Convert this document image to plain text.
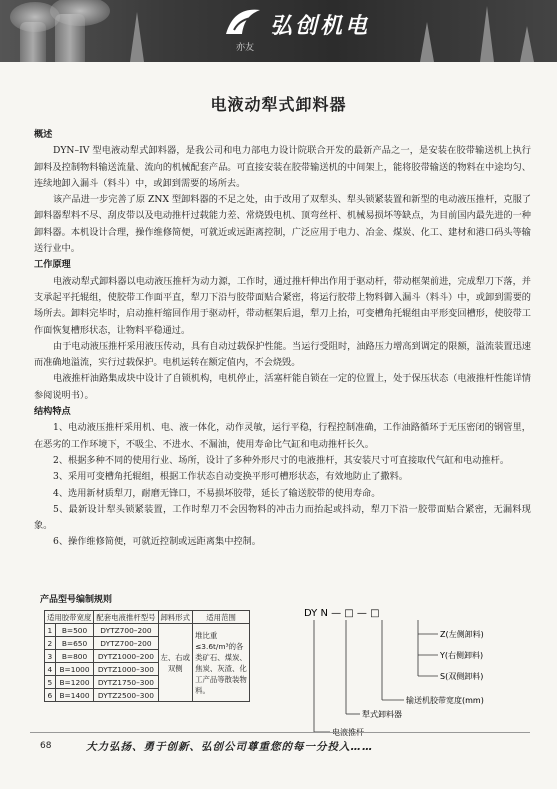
弘创机电
亦友
电液动犁式卸料器

概述

DYN–IV 型电液动犁式卸料器，是我公司和电力部电力设计院联合开发的最新产品之一，是安装在胶带输送机上执行卸料及控制物料输送流量、流向的机械配套产品。可直接安装在胶带输送机的中间架上，能将胶带输送的物料在中途均匀、连续地卸入漏斗（料斗）中，或卸到需要的场所去。

该产品进一步完善了原 ZNX 型卸料器的不足之处，由于改用了双犁头、犁头锁紧装置和新型的电动液压推杆，克服了卸料器犁料不尽、刮皮带以及电动推杆过载能力差、常烧毁电机、顶弯丝杆、机械易损坏等缺点，为目前国内最先进的一种卸料器。本机设计合理，操作维修简便，可就近或远距离控制，广泛应用于电力、冶金、煤炭、化工、建材和港口码头等输送行业中。

工作原理

电液动犁式卸料器以电动液压推杆为动力源，工作时，通过推杆伸出作用于驱动杆，带动框架前进，完成犁刀下落，并支承起平托辊组，使胶带工作面平直，犁刀下沿与胶带面贴合紧密，将运行胶带上物料御入漏斗（料斗）中，或卸到需要的场所去。卸料完毕时，启动推杆缩回作用于驱动杆，带动框架后退，犁刀上抬，可变槽角托辊组由平形变回槽形，使胶带工作面恢复槽形状态，让物料平稳通过。

由于电动液压推杆采用液压传动，具有自动过载保护性能。当运行受阻时，油路压力增高到调定的限额，溢流装置迅速而准确地溢流，实行过载保护。电机运转在额定值内，不会烧毁。

电液推杆油路集成块中设计了自锁机构，电机停止，活塞杆能自锁在一定的位置上，处于保压状态（电液推杆性能详情参阅说明书）。

结构特点

1、电动液压推杆采用机、电、液一体化，动作灵敏，运行平稳，行程控制准确，工作油路循环于无压密闭的钢管里，在恶劣的工作环境下，不吸尘、不进水、不漏油，使用寿命比气缸和电动推杆长久。

2、根据多种不同的使用行业、场所，设计了多种外形尺寸的电液推杆，其安装尺寸可直接取代气缸和电动推杆。

3、采用可变槽角托辊组，根据工作状态自动变换平形可槽形状态，有效地防止了撒料。

4、选用新材质犁刀，耐磨无锋口，不易损坏胶带，延长了输送胶带的使用寿命。

5、最新设计犁头锁紧装置，工作时犁刀不会因物料的冲击力而抬起或抖动，犁刀下沿一胶带面贴合紧密，无漏料现象。

6、操作维修简便，可就近控制或远距离集中控制。

产品型号编制规则
适用胶带宽度		配套电液推杆型号	卸料形式	适用范围
1	B=500	DYTZ700–200	左、右或双侧	堆比重≤3.6t/m³的各类矿石、煤炭、焦炭、灰渣、化工产品等散装物料。
2	B=650	DYTZ700–200		
3	B=800	DYTZ1000–200		
4	B=1000	DYTZ1000–300		
5	B=1200	DYTZ1750–300		
6	B=1400	DYTZ2500–300		
DY N — □ — □
Z(左侧卸料)
Y(右侧卸料)
S(双侧卸料)
输送机胶带宽度(mm)
犁式卸料器
68	大力弘扬、勇于创新、弘创公司尊重您的每一分投入……
